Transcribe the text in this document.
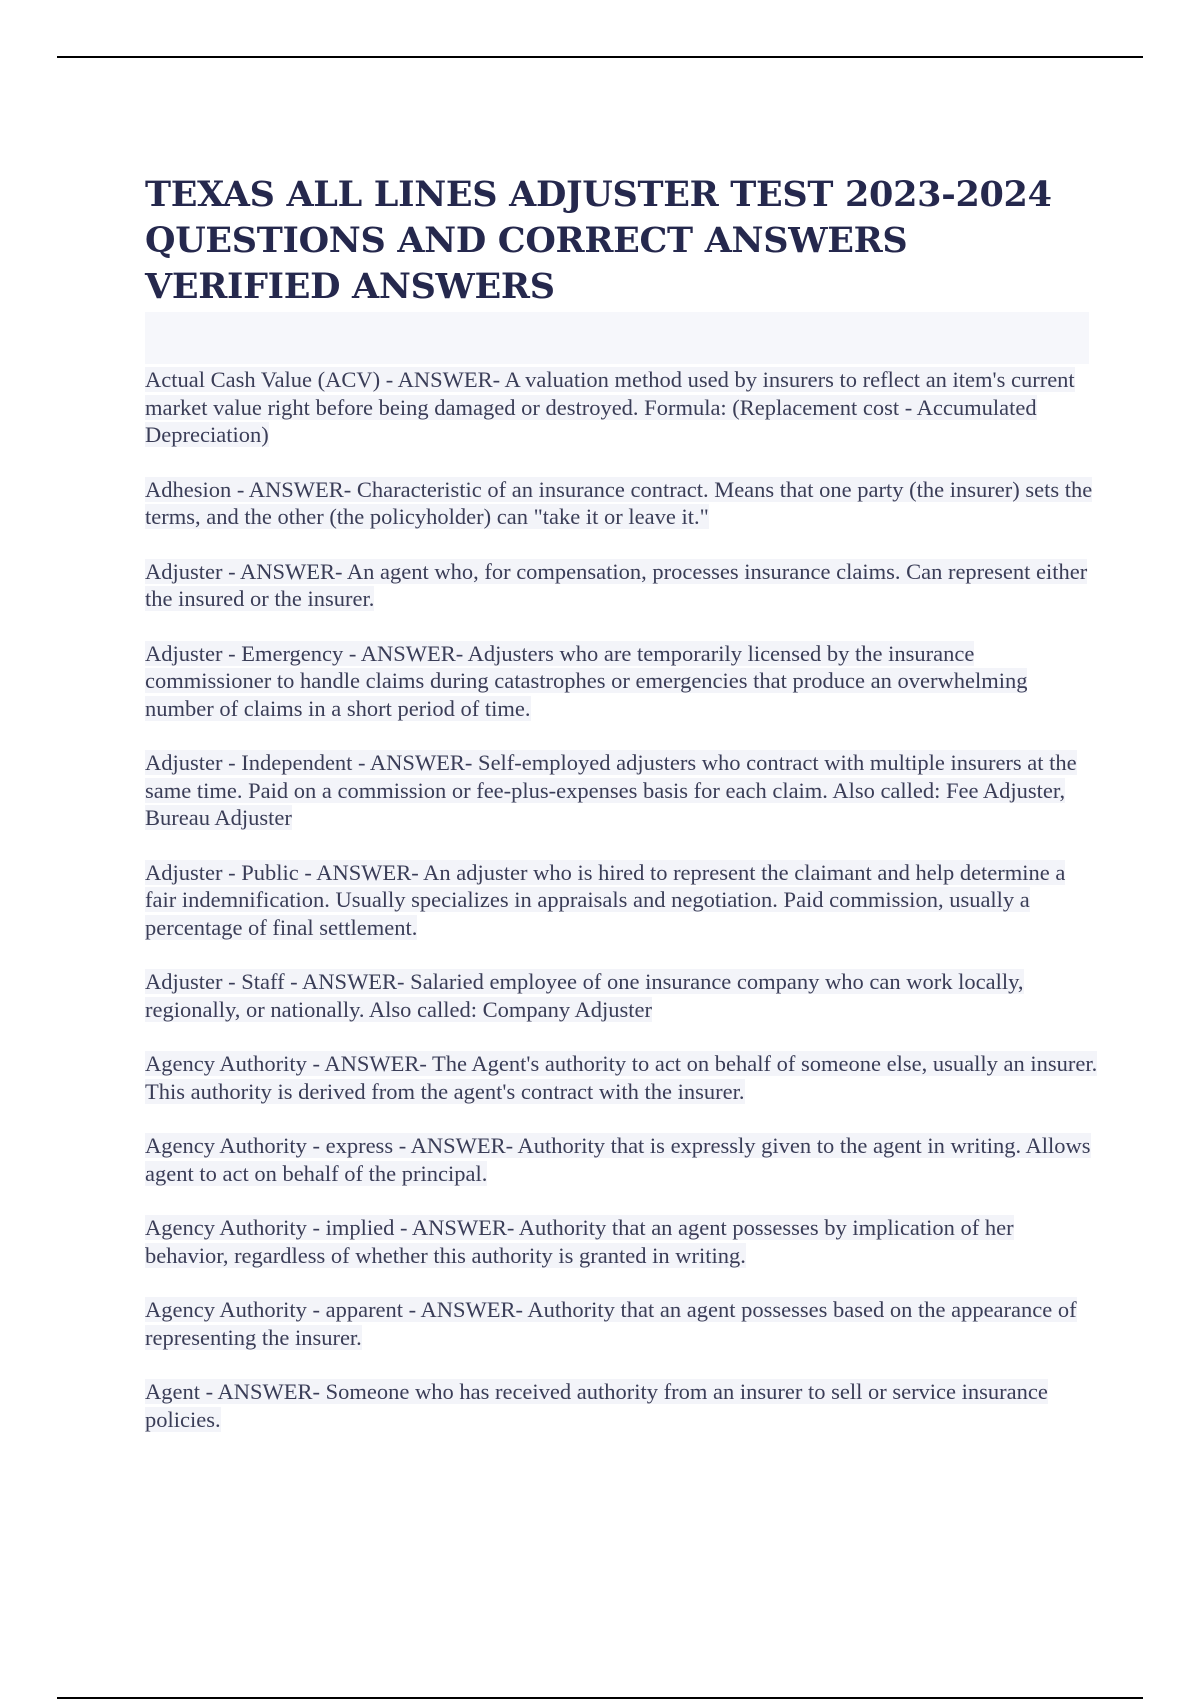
TEXAS ALL LINES ADJUSTER TEST 2023-2024 QUESTIONS AND CORRECT ANSWERS VERIFIED ANSWERS

Actual Cash Value (ACV) - ANSWER- A valuation method used by insurers to reflect an item's current market value right before being damaged or destroyed. Formula: (Replacement cost - Accumulated Depreciation)

Adhesion - ANSWER- Characteristic of an insurance contract. Means that one party (the insurer) sets the terms, and the other (the policyholder) can "take it or leave it."

Adjuster - ANSWER- An agent who, for compensation, processes insurance claims. Can represent either the insured or the insurer.

Adjuster - Emergency - ANSWER- Adjusters who are temporarily licensed by the insurance commissioner to handle claims during catastrophes or emergencies that produce an overwhelming number of claims in a short period of time.

Adjuster - Independent - ANSWER- Self-employed adjusters who contract with multiple insurers at the same time. Paid on a commission or fee-plus-expenses basis for each claim. Also called: Fee Adjuster, Bureau Adjuster

Adjuster - Public - ANSWER- An adjuster who is hired to represent the claimant and help determine a fair indemnification. Usually specializes in appraisals and negotiation. Paid commission, usually a percentage of final settlement.

Adjuster - Staff - ANSWER- Salaried employee of one insurance company who can work locally, regionally, or nationally. Also called: Company Adjuster

Agency Authority - ANSWER- The Agent's authority to act on behalf of someone else, usually an insurer. This authority is derived from the agent's contract with the insurer.

Agency Authority - express - ANSWER- Authority that is expressly given to the agent in writing. Allows agent to act on behalf of the principal.

Agency Authority - implied - ANSWER- Authority that an agent possesses by implication of her behavior, regardless of whether this authority is granted in writing.

Agency Authority - apparent - ANSWER- Authority that an agent possesses based on the appearance of representing the insurer.

Agent - ANSWER- Someone who has received authority from an insurer to sell or service insurance policies.
